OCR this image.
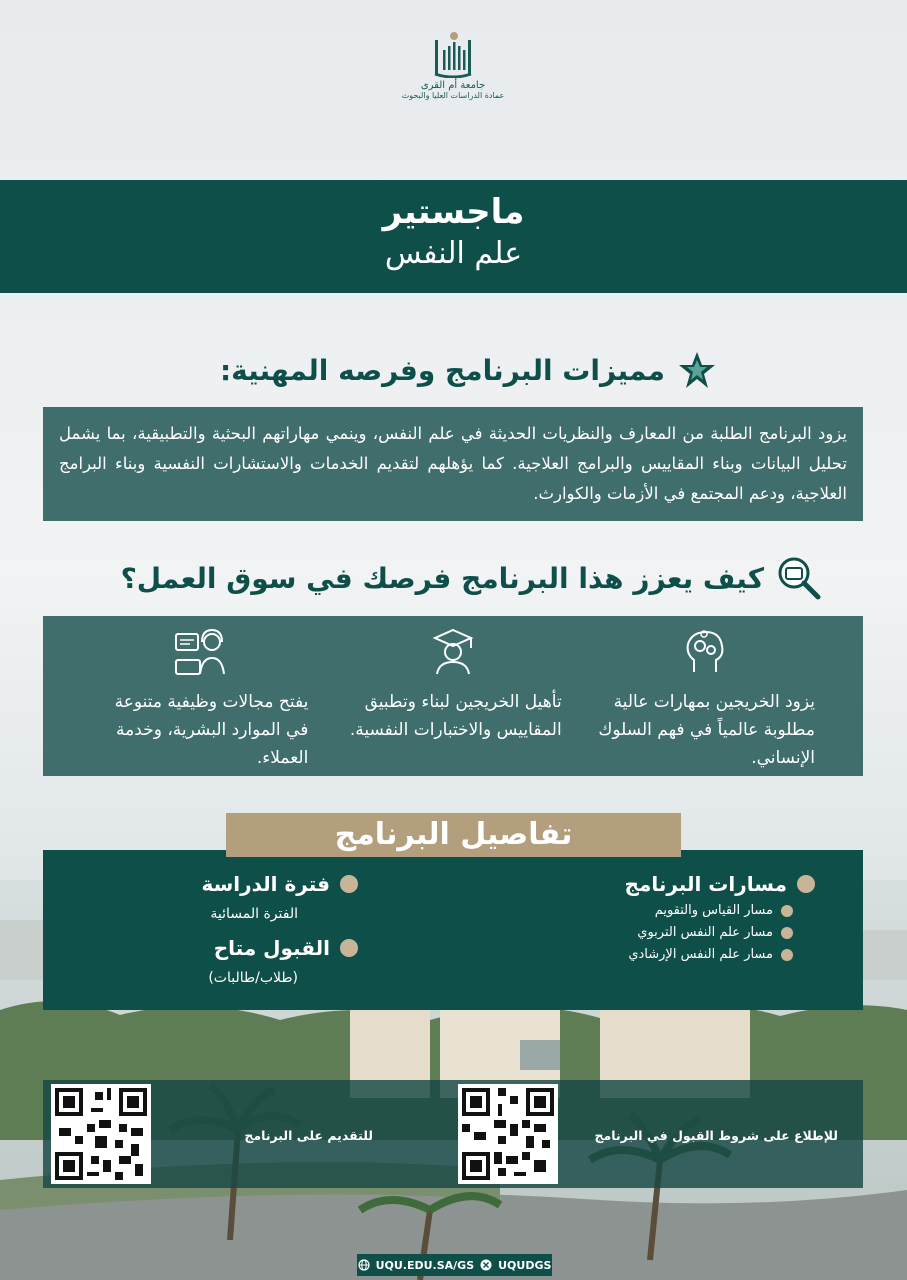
جامعة أم القرى
عمادة الدراسات العليا والبحوث
ماجستير
علم النفس
مميزات البرنامج وفرصه المهنية:
يزود البرنامج الطلبة من المعارف والنظريات الحديثة في علم النفس، وينمي مهاراتهم البحثية والتطبيقية، بما يشمل تحليل البيانات وبناء المقاييس والبرامج العلاجية. كما يؤهلهم لتقديم الخدمات والاستشارات النفسية وبناء البرامج العلاجية، ودعم المجتمع في الأزمات والكوارث.
كيف يعزز هذا البرنامج فرصك في سوق العمل؟
يزود الخريجين بمهارات عالية مطلوبة عالمياً في فهم السلوك الإنساني.
تأهيل الخريجين لبناء وتطبيق المقاييس والاختبارات النفسية.
يفتح مجالات وظيفية متنوعة في الموارد البشرية، وخدمة العملاء.
مسارات البرنامج
مسار القياس والتقويم
مسار علم النفس التربوي
مسار علم النفس الإرشادي
فترة الدراسة
الفترة المسائية
القبول متاح
(طلاب/طالبات)
تفاصيل البرنامج
للإطلاع على شروط القبول في البرنامج
للتقديم على البرنامج
UQU.EDU.SA/GS UQUDGS
